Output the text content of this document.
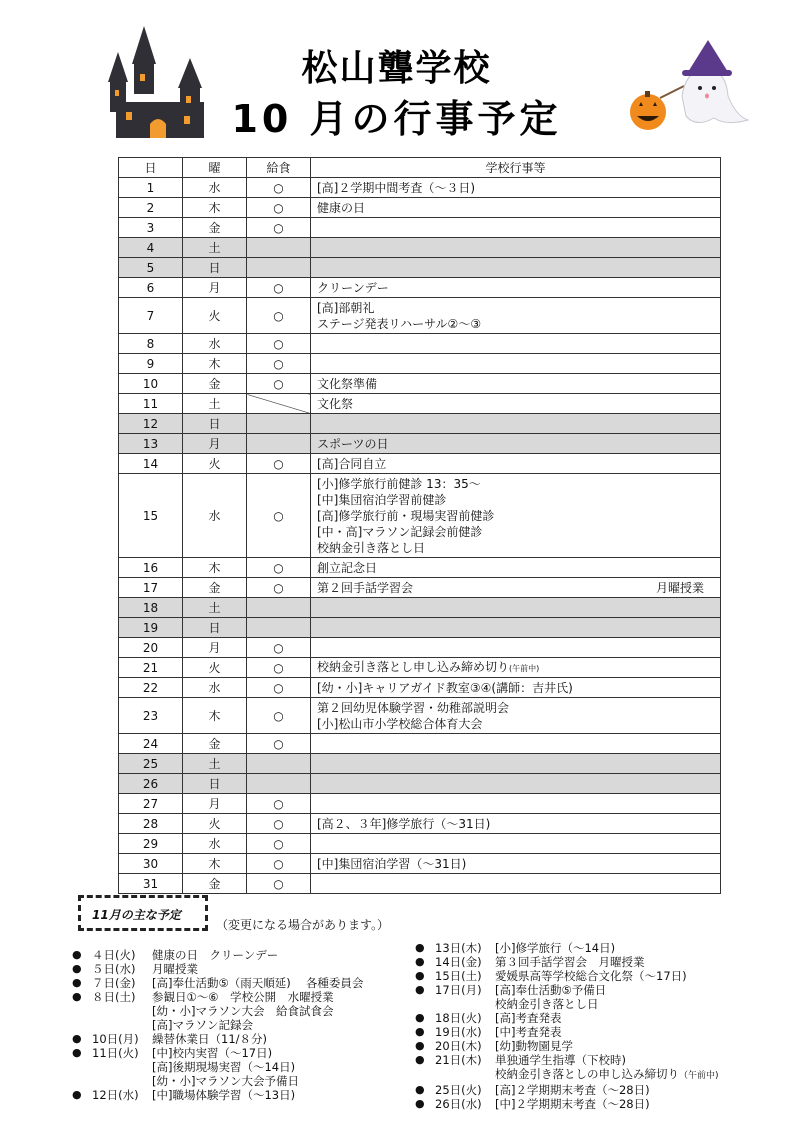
松山聾学校
10 月の行事予定
日	曜	給食	学校行事等
1	水	○	[高]２学期中間考査（～３日)

2	木	○	健康の日

3	金	○	
4	土		
5	日		
6	月	○	クリーンデー

7	火	○	[高]部朝礼
ステージ発表リハーサル②～③

8	水	○	
9	木	○	
10	金	○	文化祭準備

11	土		文化祭

12	日		
13	月		スポーツの日

14	火	○	[高]合同自立

15	水	○	[小]修学旅行前健診 13：35～
[中]集団宿泊学習前健診
[高]修学旅行前・現場実習前健診
[中・高]マラソン記録会前健診
校納金引き落とし日

16	木	○	創立記念日

17	金	○	第２回手話学習会 月曜授業

18	土		
19	日		
20	月	○	
21	火	○	校納金引き落とし申し込み締め切り(午前中)

22	水	○	[幼・小]キャリアガイド教室③④(講師：吉井氏)

23	木	○	第２回幼児体験学習・幼稚部説明会
[小]松山市小学校総合体育大会

24	金	○	
25	土		
26	日		
27	月	○	
28	火	○	[高２、３年]修学旅行（～31日)

29	水	○	
30	木	○	[中]集団宿泊学習（～31日)

31	金	○	
11月の主な予定
（変更になる場合があります。）
● ４日(火)	健康の日　クリーンデー
● ５日(水)	月曜授業
● ７日(金)	[高]奉仕活動⑤（雨天順延)　 各種委員会
● ８日(土)	参観日①～⑥　学校公開　水曜授業
[幼・小]マラソン大会　給食試食会
[高]マラソン記録会
● 10日(月)	繰替休業日（11/８分)
● 11日(火)	[中]校内実習（～17日)
[高]後期現場実習（～14日)
[幼・小]マラソン大会予備日
● 12日(水)	[中]職場体験学習（～13日)
● 13日(木)	[小]修学旅行（～14日)
● 14日(金)	第３回手話学習会　月曜授業
● 15日(土)	愛媛県高等学校総合文化祭（～17日)
● 17日(月)	[高]奉仕活動⑤予備日
校納金引き落とし日
● 18日(火)	[高]考査発表
● 19日(水)	[中]考査発表
● 20日(木)	[幼]動物園見学
● 21日(木)	単独通学生指導（下校時)
校納金引き落としの申し込み締切り（午前中)
● 25日(火)	[高]２学期期末考査（～28日)
● 26日(水)	[中]２学期期末考査（～28日)
